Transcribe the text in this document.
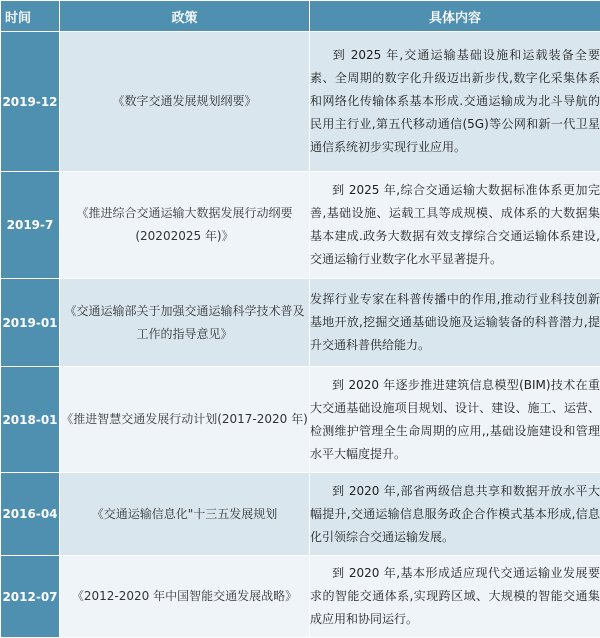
时间	政策	具体内容
2019-12	《数字交通发展规划纲要》	到 2025 年,交通运输基础设施和运载装备全要素、全周期的数字化升级迈出新步伐,数字化采集体系和网络化传输体系基本形成.交通运输成为北斗导航的民用主行业,第五代移动通信(5G)等公网和新一代卫星通信系统初步实现行业应用。
2019-7	《推进综合交通运输大数据发展行动纲要(20202025 年)》	到 2025 年,综合交通运输大数据标准体系更加完善,基础设施、运载工具等成规模、成体系的大数据集基本建成.政务大数据有效支撑综合交通运输体系建设,交通运输行业数字化水平显著提升。
2019-01	《交通运输部关于加强交通运输科学技术普及工作的指导意见》	发挥行业专家在科普传播中的作用,推动行业科技创新基地开放,挖掘交通基础设施及运输装备的科普潜力,提升交通科普供给能力。
2018-01	《推进智慧交通发展行动计划(2017-2020 年)	到 2020 年逐步推进建筑信息模型(BIM)技术在重大交通基础设施项目规划、设计、建设、施工、运营、检测维护管理全生命周期的应用,,基础设施建设和管理水平大幅度提升。
2016-04	《交通运输信息化"十三五发展规划	到 2020 年,部省两级信息共享和数据开放水平大幅提升,交通运输信息服务政企合作模式基本形成,信息化引领综合交通运输发展。
2012-07	《2012-2020 年中国智能交通发展战略》	到 2020 年,基本形成适应现代交通运输业发展要求的智能交通体系,实现跨区域、大规模的智能交通集成应用和协同运行。
